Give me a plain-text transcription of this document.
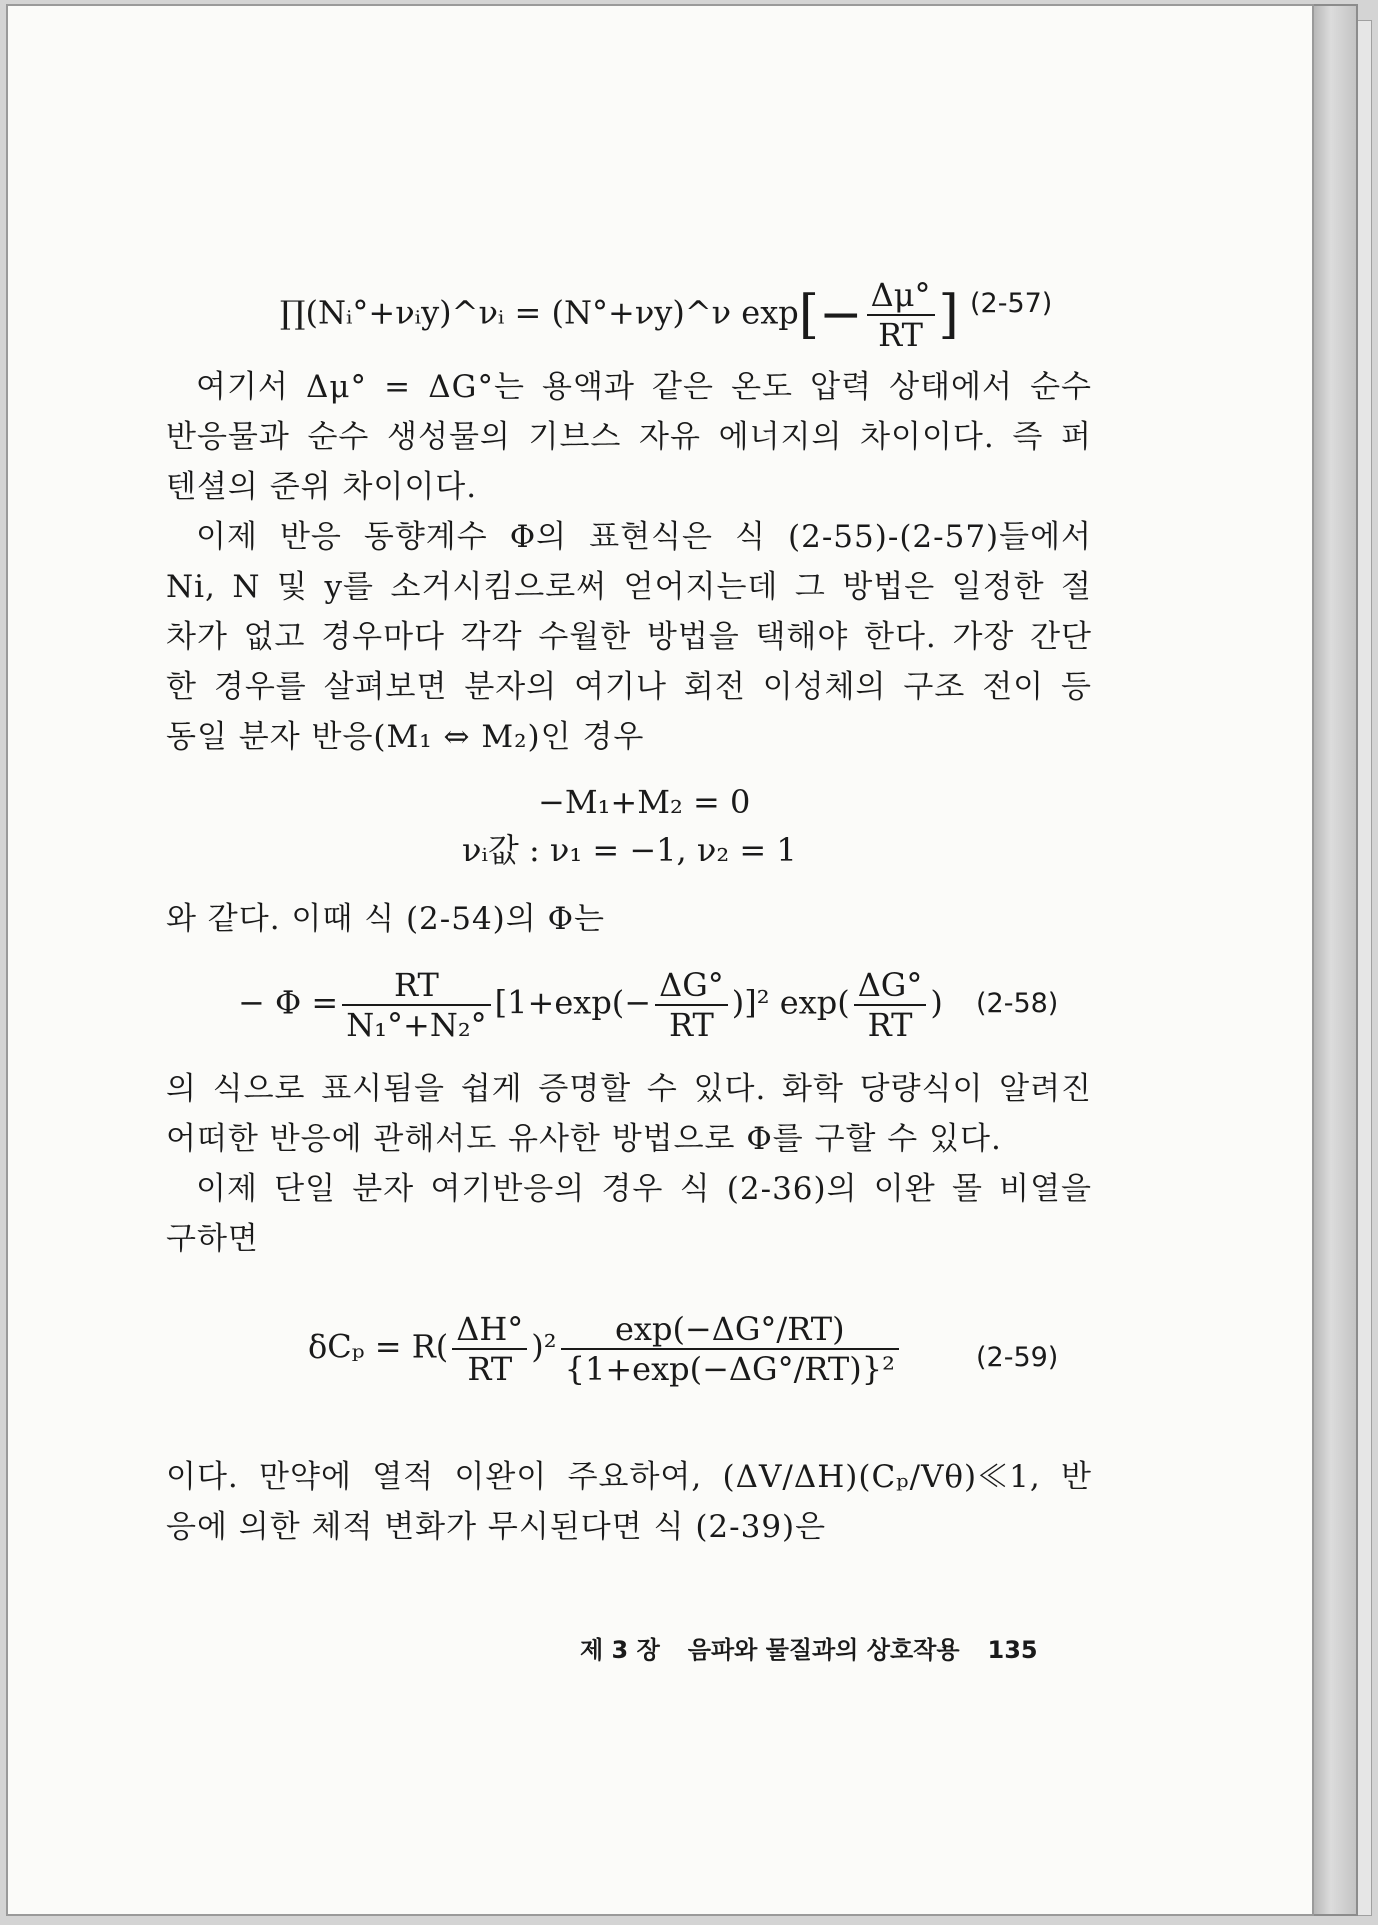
∏(Nᵢ°+νᵢy)^νᵢ = (N°+νy)^ν $\exp[- \frac{\Delta\mu^\circ}{RT}$ ] (2-57)
여기서 Δμ° = ΔG°는 용액과 같은 온도 압력 상태에서 순수
반응물과 순수 생성물의 기브스 자유 에너지의 차이이다. 즉 퍼
텐셜의 준위 차이이다.
이제 반응 동향계수 Φ의 표현식은 식 (2-55)-(2-57)들에서
Ni, N 및 y를 소거시킴으로써 얻어지는데 그 방법은 일정한 절
차가 없고 경우마다 각각 수월한 방법을 택해야 한다. 가장 간단
한 경우를 살펴보면 분자의 여기나 회전 이성체의 구조 전이 등
동일 분자 반응(M₁ ⇔ M₂)인 경우
−M₁+M₂ = 0
νᵢ값 : ν₁ = −1, ν₂ = 1
와 같다. 이때 식 (2-54)의 Φ는
− $\Phi = \frac{RT}{\text{N₁°+N₂°}} [1+\exp(- \frac{\Delta G^\circ}{RT} )]^2$ $\exp( \frac{\Delta G^\circ}{RT}$ ) (2-58)
의 식으로 표시됨을 쉽게 증명할 수 있다. 화학 당량식이 알려진
어떠한 반응에 관해서도 유사한 방법으로 Φ를 구할 수 있다.
이제 단일 분자 여기반응의 경우 식 (2-36)의 이완 몰 비열을
구하면
$\delta C_p = R( \frac{\Delta H^\circ}{RT} )^2 \frac{\exp(-\Delta G^\circ/RT)}{\text{\{1+exp(−ΔG°/RT)\}²}}$	(2-59)
이다. 만약에 열적 이완이 주요하여, (ΔV/ΔH)(Cₚ/Vθ)≪1, 반
응에 의한 체적 변화가 무시된다면 식 (2-39)은
제 3 장 음파와 물질과의 상호작용 135
